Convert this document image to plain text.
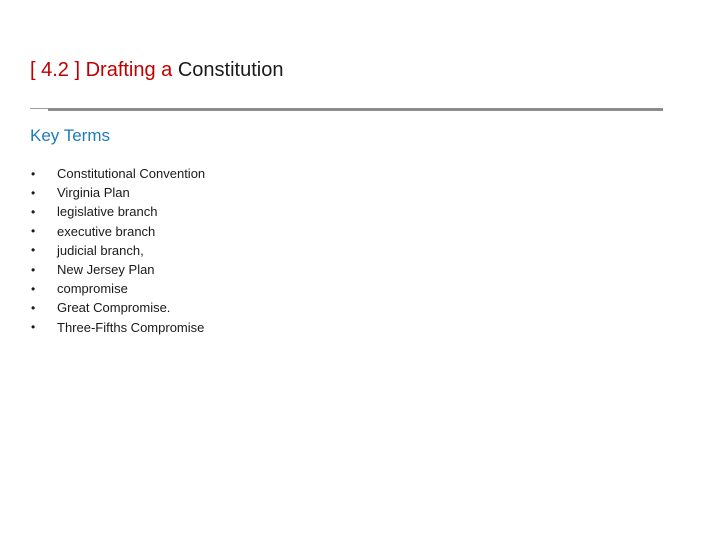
[ 4.2 ] Drafting a Constitution
Key Terms
•	Constitutional Convention
•	Virginia Plan
•	legislative branch
•	executive branch
•	judicial branch,
•	New Jersey Plan
•	compromise
•	Great Compromise.
•	Three-Fifths Compromise
